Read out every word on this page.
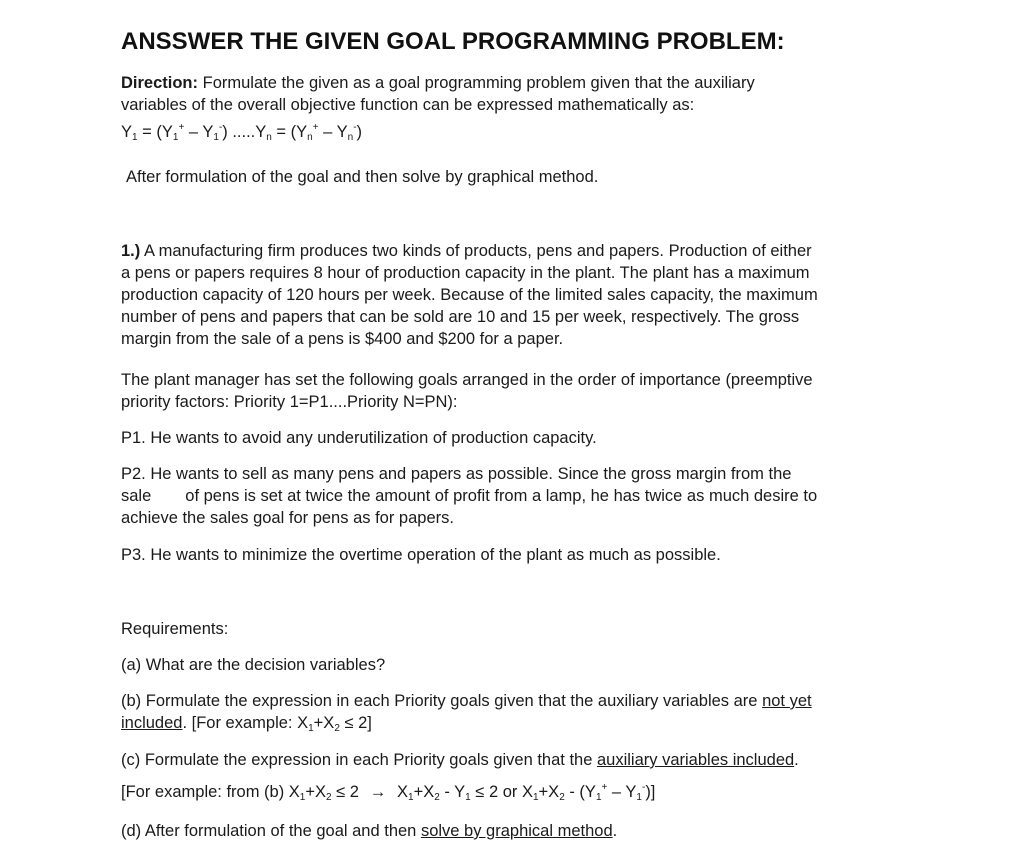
ANSSWER THE GIVEN GOAL PROGRAMMING PROBLEM:
Direction: Formulate the given as a goal programming problem given that the auxiliary
variables of the overall objective function can be expressed mathematically as:
$Y_1 = (Y_1^+ - Y_1^-) .....Y_n = (Y_n^+ - Y_n^-)$
After formulation of the goal and then solve by graphical method.
1.) A manufacturing firm produces two kinds of products, pens and papers. Production of either
a pens or papers requires 8 hour of production capacity in the plant. The plant has a maximum
production capacity of 120 hours per week. Because of the limited sales capacity, the maximum
number of pens and papers that can be sold are 10 and 15 per week, respectively. The gross
margin from the sale of a pens is $400 and $200 for a paper.
The plant manager has set the following goals arranged in the order of importance (preemptive
priority factors: Priority 1=P1....Priority N=PN):
P1. He wants to avoid any underutilization of production capacity.
P2. He wants to sell as many pens and papers as possible. Since the gross margin from the
sale of pens is set at twice the amount of profit from a lamp, he has twice as much desire to
achieve the sales goal for pens as for papers.
P3. He wants to minimize the overtime operation of the plant as much as possible.
Requirements:
(a) What are the decision variables?
(b) Formulate the expression in each Priority goals given that the auxiliary variables are not yet
included. [For example: $X_1+X_2 \le 2$]
(c) Formulate the expression in each Priority goals given that the auxiliary variables included.
[For example: from (b) $X_1+X_2 \le 2 \to X_1+X_2 - Y_1 \le 2$ or $X_1+X_2 - (Y_1^+ - Y_1^-)$]
(d) After formulation of the goal and then solve by graphical method.
